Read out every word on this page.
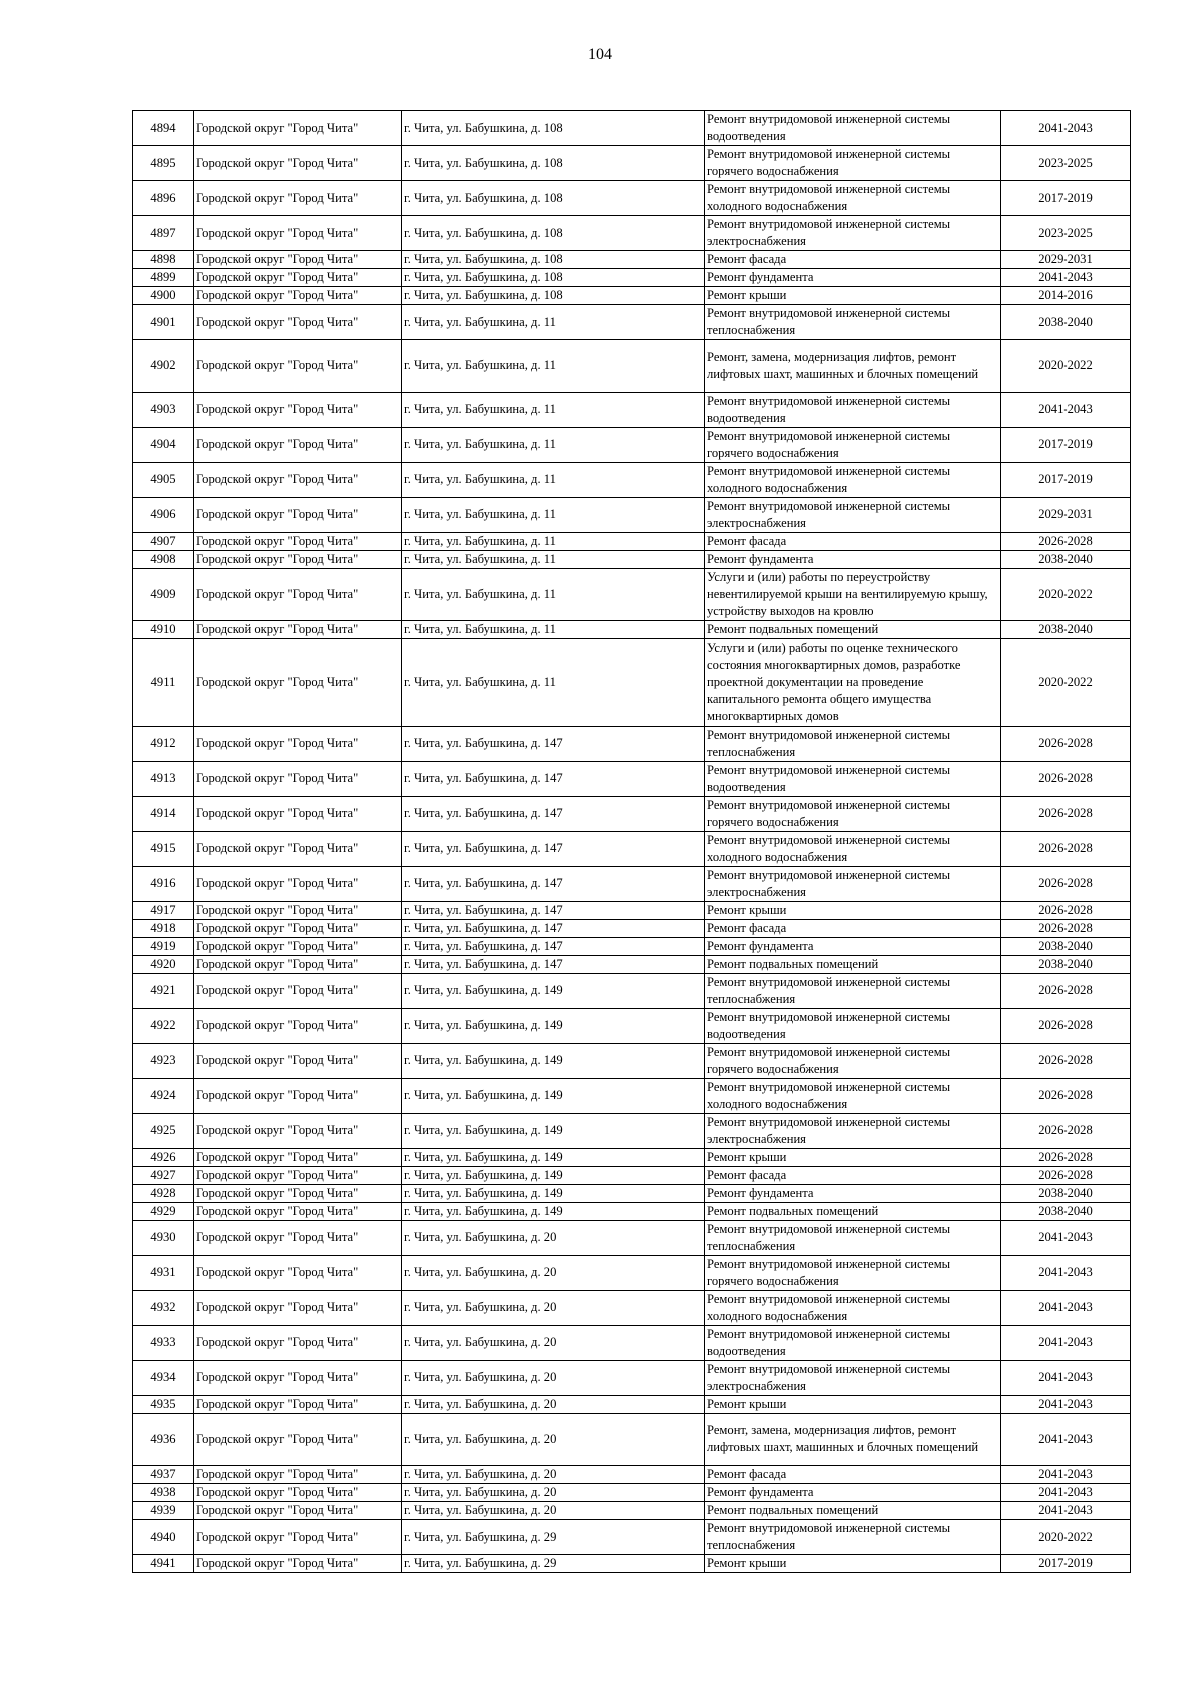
104
4894	Городской округ "Город Чита"	г. Чита, ул. Бабушкина, д. 108	Ремонт внутридомовой инженерной системы водоотведения	2041-2043
4895	Городской округ "Город Чита"	г. Чита, ул. Бабушкина, д. 108	Ремонт внутридомовой инженерной системы горячего водоснабжения	2023-2025
4896	Городской округ "Город Чита"	г. Чита, ул. Бабушкина, д. 108	Ремонт внутридомовой инженерной системы холодного водоснабжения	2017-2019
4897	Городской округ "Город Чита"	г. Чита, ул. Бабушкина, д. 108	Ремонт внутридомовой инженерной системы электроснабжения	2023-2025
4898	Городской округ "Город Чита"	г. Чита, ул. Бабушкина, д. 108	Ремонт фасада	2029-2031
4899	Городской округ "Город Чита"	г. Чита, ул. Бабушкина, д. 108	Ремонт фундамента	2041-2043
4900	Городской округ "Город Чита"	г. Чита, ул. Бабушкина, д. 108	Ремонт крыши	2014-2016
4901	Городской округ "Город Чита"	г. Чита, ул. Бабушкина, д. 11	Ремонт внутридомовой инженерной системы теплоснабжения	2038-2040
4902	Городской округ "Город Чита"	г. Чита, ул. Бабушкина, д. 11	Ремонт, замена, модернизация лифтов, ремонт лифтовых шахт, машинных и блочных помещений	2020-2022
4903	Городской округ "Город Чита"	г. Чита, ул. Бабушкина, д. 11	Ремонт внутридомовой инженерной системы водоотведения	2041-2043
4904	Городской округ "Город Чита"	г. Чита, ул. Бабушкина, д. 11	Ремонт внутридомовой инженерной системы горячего водоснабжения	2017-2019
4905	Городской округ "Город Чита"	г. Чита, ул. Бабушкина, д. 11	Ремонт внутридомовой инженерной системы холодного водоснабжения	2017-2019
4906	Городской округ "Город Чита"	г. Чита, ул. Бабушкина, д. 11	Ремонт внутридомовой инженерной системы электроснабжения	2029-2031
4907	Городской округ "Город Чита"	г. Чита, ул. Бабушкина, д. 11	Ремонт фасада	2026-2028
4908	Городской округ "Город Чита"	г. Чита, ул. Бабушкина, д. 11	Ремонт фундамента	2038-2040
4909	Городской округ "Город Чита"	г. Чита, ул. Бабушкина, д. 11	Услуги и (или) работы по переустройству невентилируемой крыши на вентилируемую крышу, устройству выходов на кровлю	2020-2022
4910	Городской округ "Город Чита"	г. Чита, ул. Бабушкина, д. 11	Ремонт подвальных помещений	2038-2040
4911	Городской округ "Город Чита"	г. Чита, ул. Бабушкина, д. 11	Услуги и (или) работы по оценке технического состояния многоквартирных домов, разработке проектной документации на проведение капитального ремонта общего имущества многоквартирных домов	2020-2022
4912	Городской округ "Город Чита"	г. Чита, ул. Бабушкина, д. 147	Ремонт внутридомовой инженерной системы теплоснабжения	2026-2028
4913	Городской округ "Город Чита"	г. Чита, ул. Бабушкина, д. 147	Ремонт внутридомовой инженерной системы водоотведения	2026-2028
4914	Городской округ "Город Чита"	г. Чита, ул. Бабушкина, д. 147	Ремонт внутридомовой инженерной системы горячего водоснабжения	2026-2028
4915	Городской округ "Город Чита"	г. Чита, ул. Бабушкина, д. 147	Ремонт внутридомовой инженерной системы холодного водоснабжения	2026-2028
4916	Городской округ "Город Чита"	г. Чита, ул. Бабушкина, д. 147	Ремонт внутридомовой инженерной системы электроснабжения	2026-2028
4917	Городской округ "Город Чита"	г. Чита, ул. Бабушкина, д. 147	Ремонт крыши	2026-2028
4918	Городской округ "Город Чита"	г. Чита, ул. Бабушкина, д. 147	Ремонт фасада	2026-2028
4919	Городской округ "Город Чита"	г. Чита, ул. Бабушкина, д. 147	Ремонт фундамента	2038-2040
4920	Городской округ "Город Чита"	г. Чита, ул. Бабушкина, д. 147	Ремонт подвальных помещений	2038-2040
4921	Городской округ "Город Чита"	г. Чита, ул. Бабушкина, д. 149	Ремонт внутридомовой инженерной системы теплоснабжения	2026-2028
4922	Городской округ "Город Чита"	г. Чита, ул. Бабушкина, д. 149	Ремонт внутридомовой инженерной системы водоотведения	2026-2028
4923	Городской округ "Город Чита"	г. Чита, ул. Бабушкина, д. 149	Ремонт внутридомовой инженерной системы горячего водоснабжения	2026-2028
4924	Городской округ "Город Чита"	г. Чита, ул. Бабушкина, д. 149	Ремонт внутридомовой инженерной системы холодного водоснабжения	2026-2028
4925	Городской округ "Город Чита"	г. Чита, ул. Бабушкина, д. 149	Ремонт внутридомовой инженерной системы электроснабжения	2026-2028
4926	Городской округ "Город Чита"	г. Чита, ул. Бабушкина, д. 149	Ремонт крыши	2026-2028
4927	Городской округ "Город Чита"	г. Чита, ул. Бабушкина, д. 149	Ремонт фасада	2026-2028
4928	Городской округ "Город Чита"	г. Чита, ул. Бабушкина, д. 149	Ремонт фундамента	2038-2040
4929	Городской округ "Город Чита"	г. Чита, ул. Бабушкина, д. 149	Ремонт подвальных помещений	2038-2040
4930	Городской округ "Город Чита"	г. Чита, ул. Бабушкина, д. 20	Ремонт внутридомовой инженерной системы теплоснабжения	2041-2043
4931	Городской округ "Город Чита"	г. Чита, ул. Бабушкина, д. 20	Ремонт внутридомовой инженерной системы горячего водоснабжения	2041-2043
4932	Городской округ "Город Чита"	г. Чита, ул. Бабушкина, д. 20	Ремонт внутридомовой инженерной системы холодного водоснабжения	2041-2043
4933	Городской округ "Город Чита"	г. Чита, ул. Бабушкина, д. 20	Ремонт внутридомовой инженерной системы водоотведения	2041-2043
4934	Городской округ "Город Чита"	г. Чита, ул. Бабушкина, д. 20	Ремонт внутридомовой инженерной системы электроснабжения	2041-2043
4935	Городской округ "Город Чита"	г. Чита, ул. Бабушкина, д. 20	Ремонт крыши	2041-2043
4936	Городской округ "Город Чита"	г. Чита, ул. Бабушкина, д. 20	Ремонт, замена, модернизация лифтов, ремонт лифтовых шахт, машинных и блочных помещений	2041-2043
4937	Городской округ "Город Чита"	г. Чита, ул. Бабушкина, д. 20	Ремонт фасада	2041-2043
4938	Городской округ "Город Чита"	г. Чита, ул. Бабушкина, д. 20	Ремонт фундамента	2041-2043
4939	Городской округ "Город Чита"	г. Чита, ул. Бабушкина, д. 20	Ремонт подвальных помещений	2041-2043
4940	Городской округ "Город Чита"	г. Чита, ул. Бабушкина, д. 29	Ремонт внутридомовой инженерной системы теплоснабжения	2020-2022
4941	Городской округ "Город Чита"	г. Чита, ул. Бабушкина, д. 29	Ремонт крыши	2017-2019
